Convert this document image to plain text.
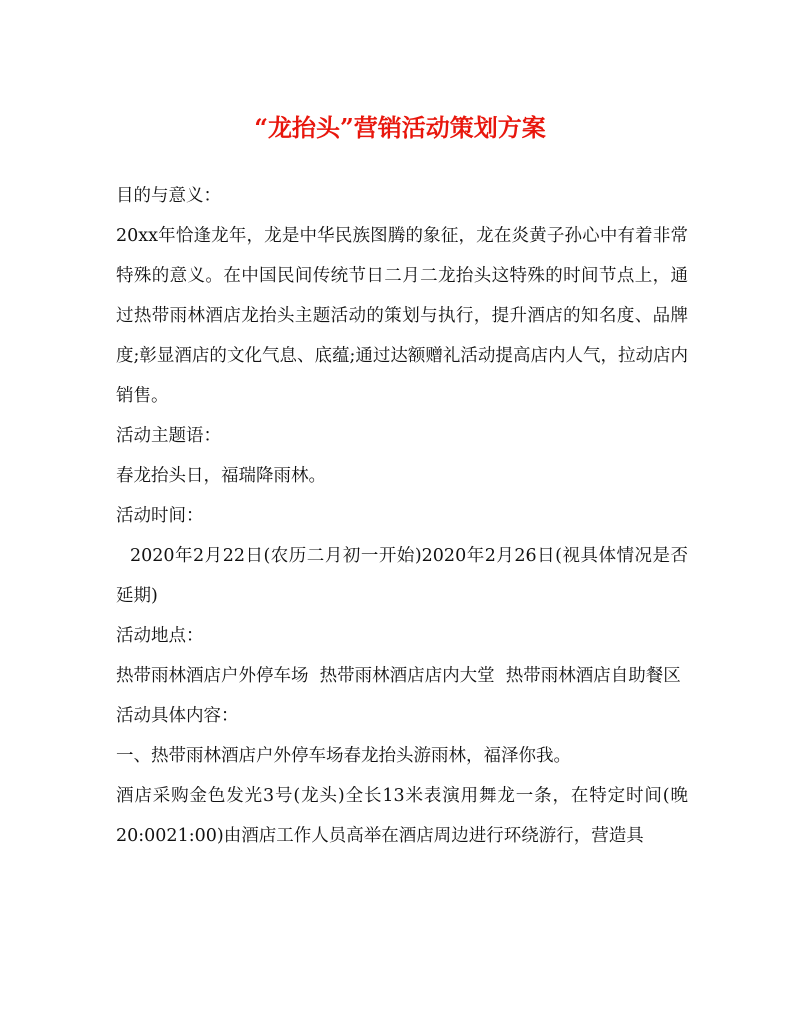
“龙抬头”营销活动策划方案

目的与意义：

20xx年恰逢龙年，龙是中华民族图腾的象征，龙在炎黄子孙心中有着非常特殊的意义。在中国民间传统节日二月二龙抬头这特殊的时间节点上，通过热带雨林酒店龙抬头主题活动的策划与执行，提升酒店的知名度、品牌度;彰显酒店的文化气息、底蕴;通过达额赠礼活动提高店内人气，拉动店内销售。

活动主题语：

春龙抬头日，福瑞降雨林。

活动时间：

2020年2月22日(农历二月初一开始)2020年2月26日(视具体情况是否延期)

活动地点：

热带雨林酒店户外停车场  热带雨林酒店店内大堂  热带雨林酒店自助餐区

活动具体内容：

一、热带雨林酒店户外停车场春龙抬头游雨林，福泽你我。

酒店采购金色发光3号(龙头)全长13米表演用舞龙一条，在特定时间(晚20:0021:00)由酒店工作人员高举在酒店周边进行环绕游行，营造具
